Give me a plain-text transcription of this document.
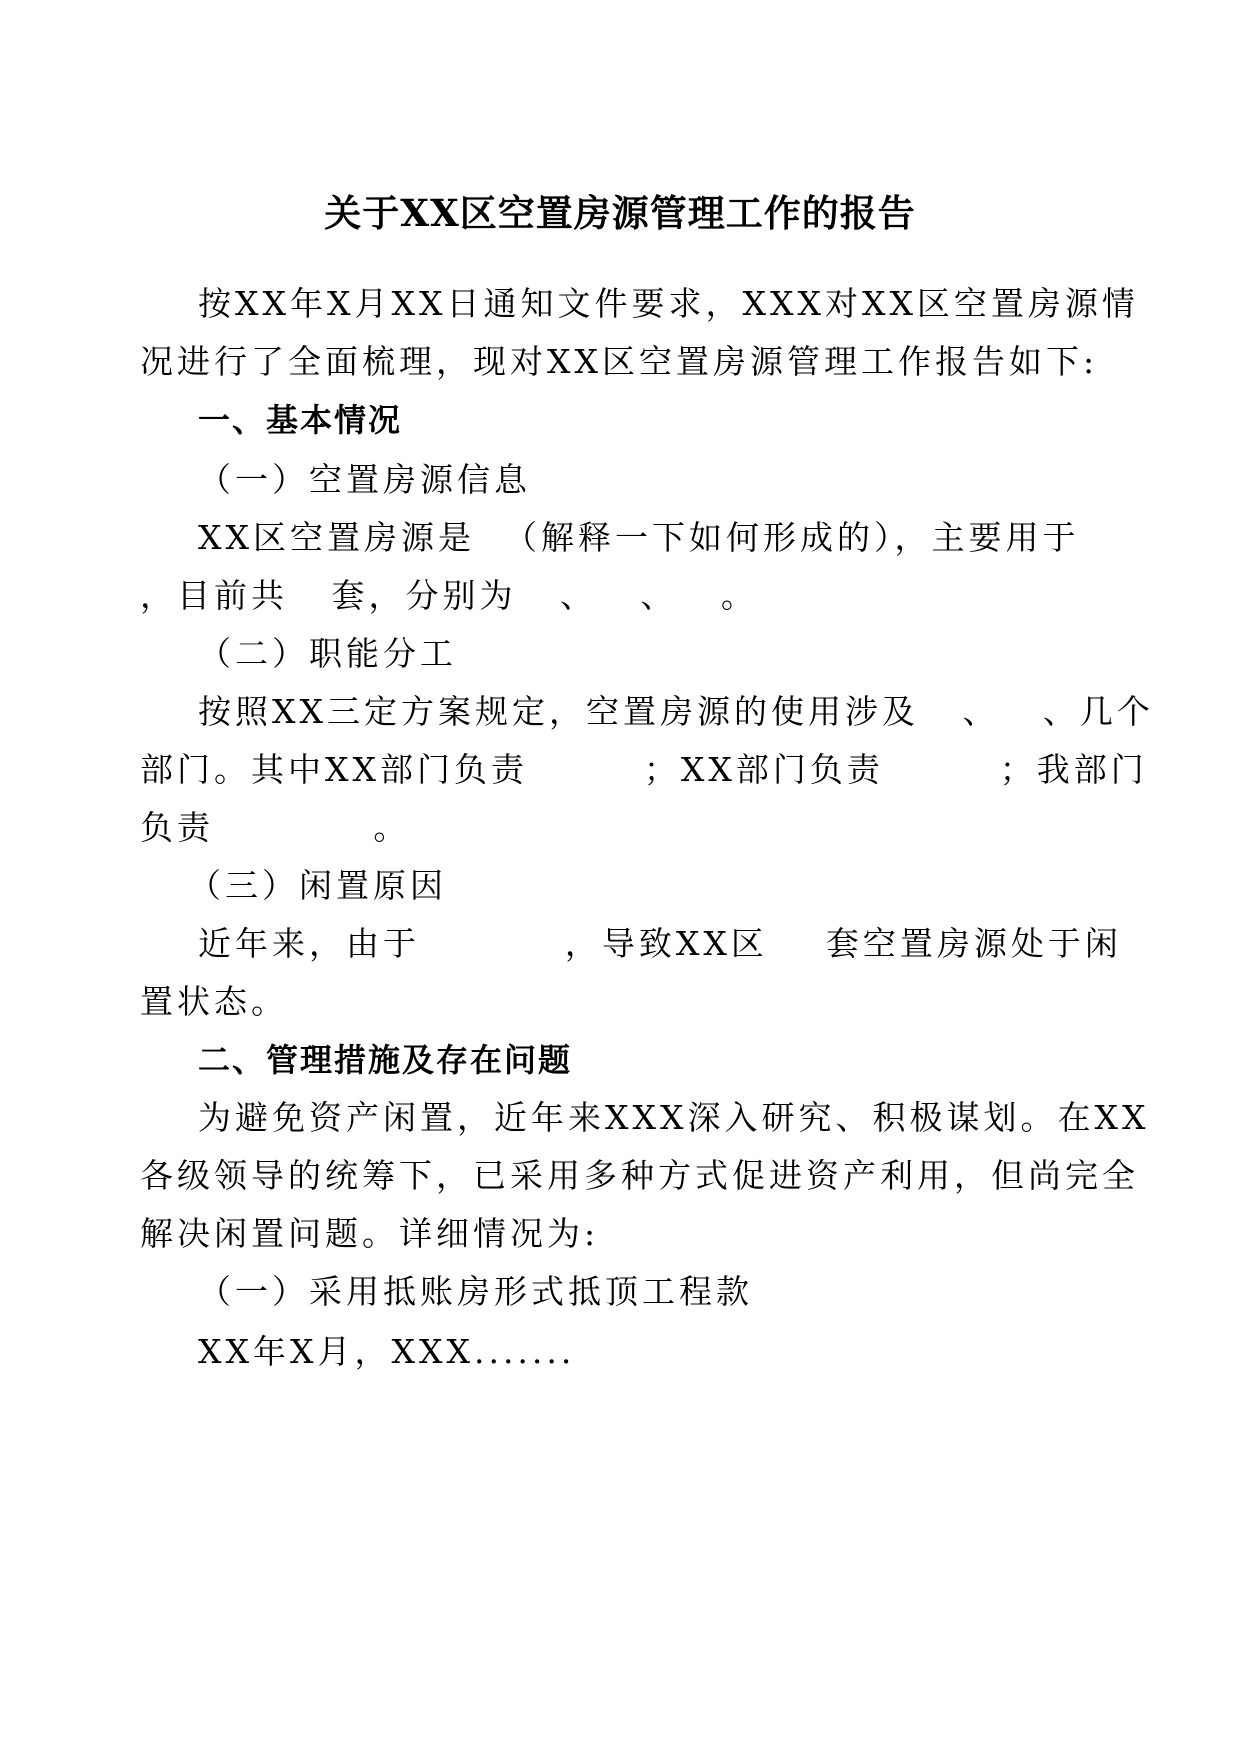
关于XX区空置房源管理工作的报告
按XX年X月XX日通知文件要求，XXX对XX区空置房源情
况进行了全面梳理，现对XX区空置房源管理工作报告如下:
一、基本情况
（一）空置房源信息
XX区空置房源是  （解释一下如何形成的），主要用于
，目前共   套，分别为   、   、   。
（二）职能分工
按照XX三定方案规定，空置房源的使用涉及   、   、几个
部门。其中XX部门负责        ；XX部门负责        ；我部门
负责           。
（三）闲置原因
近年来，由于          ，导致XX区    套空置房源处于闲
置状态。
二、管理措施及存在问题
为避免资产闲置，近年来XXX深入研究、积极谋划。在XX
各级领导的统筹下，已采用多种方式促进资产利用，但尚完全
解决闲置问题。详细情况为:
（一）采用抵账房形式抵顶工程款
XX年X月，XXX.......
